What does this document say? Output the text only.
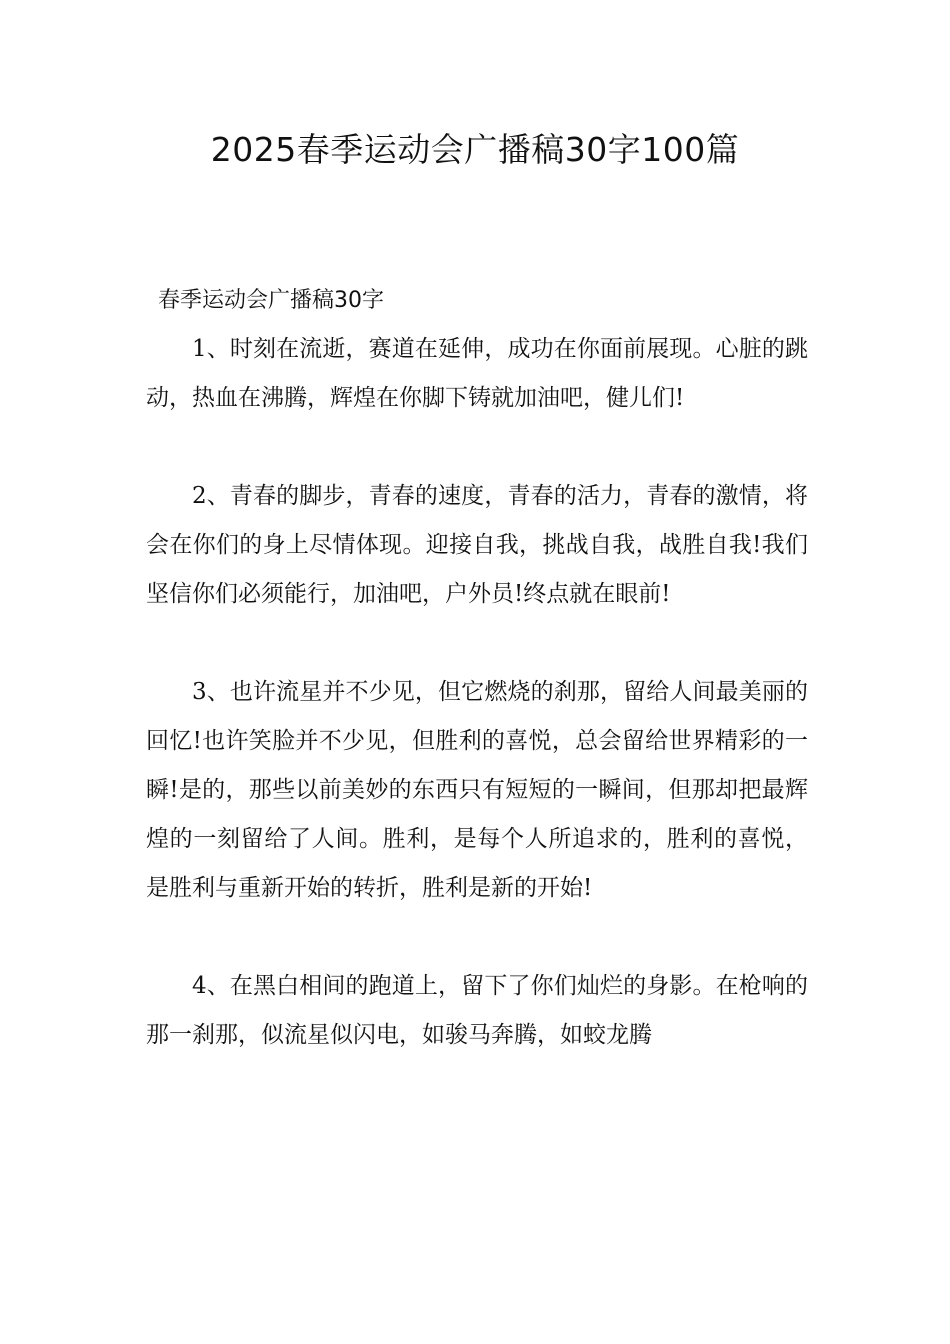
2025春季运动会广播稿30字100篇

春季运动会广播稿30字

1、时刻在流逝，赛道在延伸，成功在你面前展现。心脏的跳动，热血在沸腾，辉煌在你脚下铸就加油吧，健儿们!

2、青春的脚步，青春的速度，青春的活力，青春的激情，将会在你们的身上尽情体现。迎接自我，挑战自我，战胜自我!我们坚信你们必须能行，加油吧，户外员!终点就在眼前!

3、也许流星并不少见，但它燃烧的刹那，留给人间最美丽的回忆!也许笑脸并不少见，但胜利的喜悦，总会留给世界精彩的一瞬!是的，那些以前美妙的东西只有短短的一瞬间，但那却把最辉煌的一刻留给了人间。胜利，是每个人所追求的，胜利的喜悦，是胜利与重新开始的转折，胜利是新的开始!

4、在黑白相间的跑道上，留下了你们灿烂的身影。在枪响的那一刹那，似流星似闪电，如骏马奔腾，如蛟龙腾
